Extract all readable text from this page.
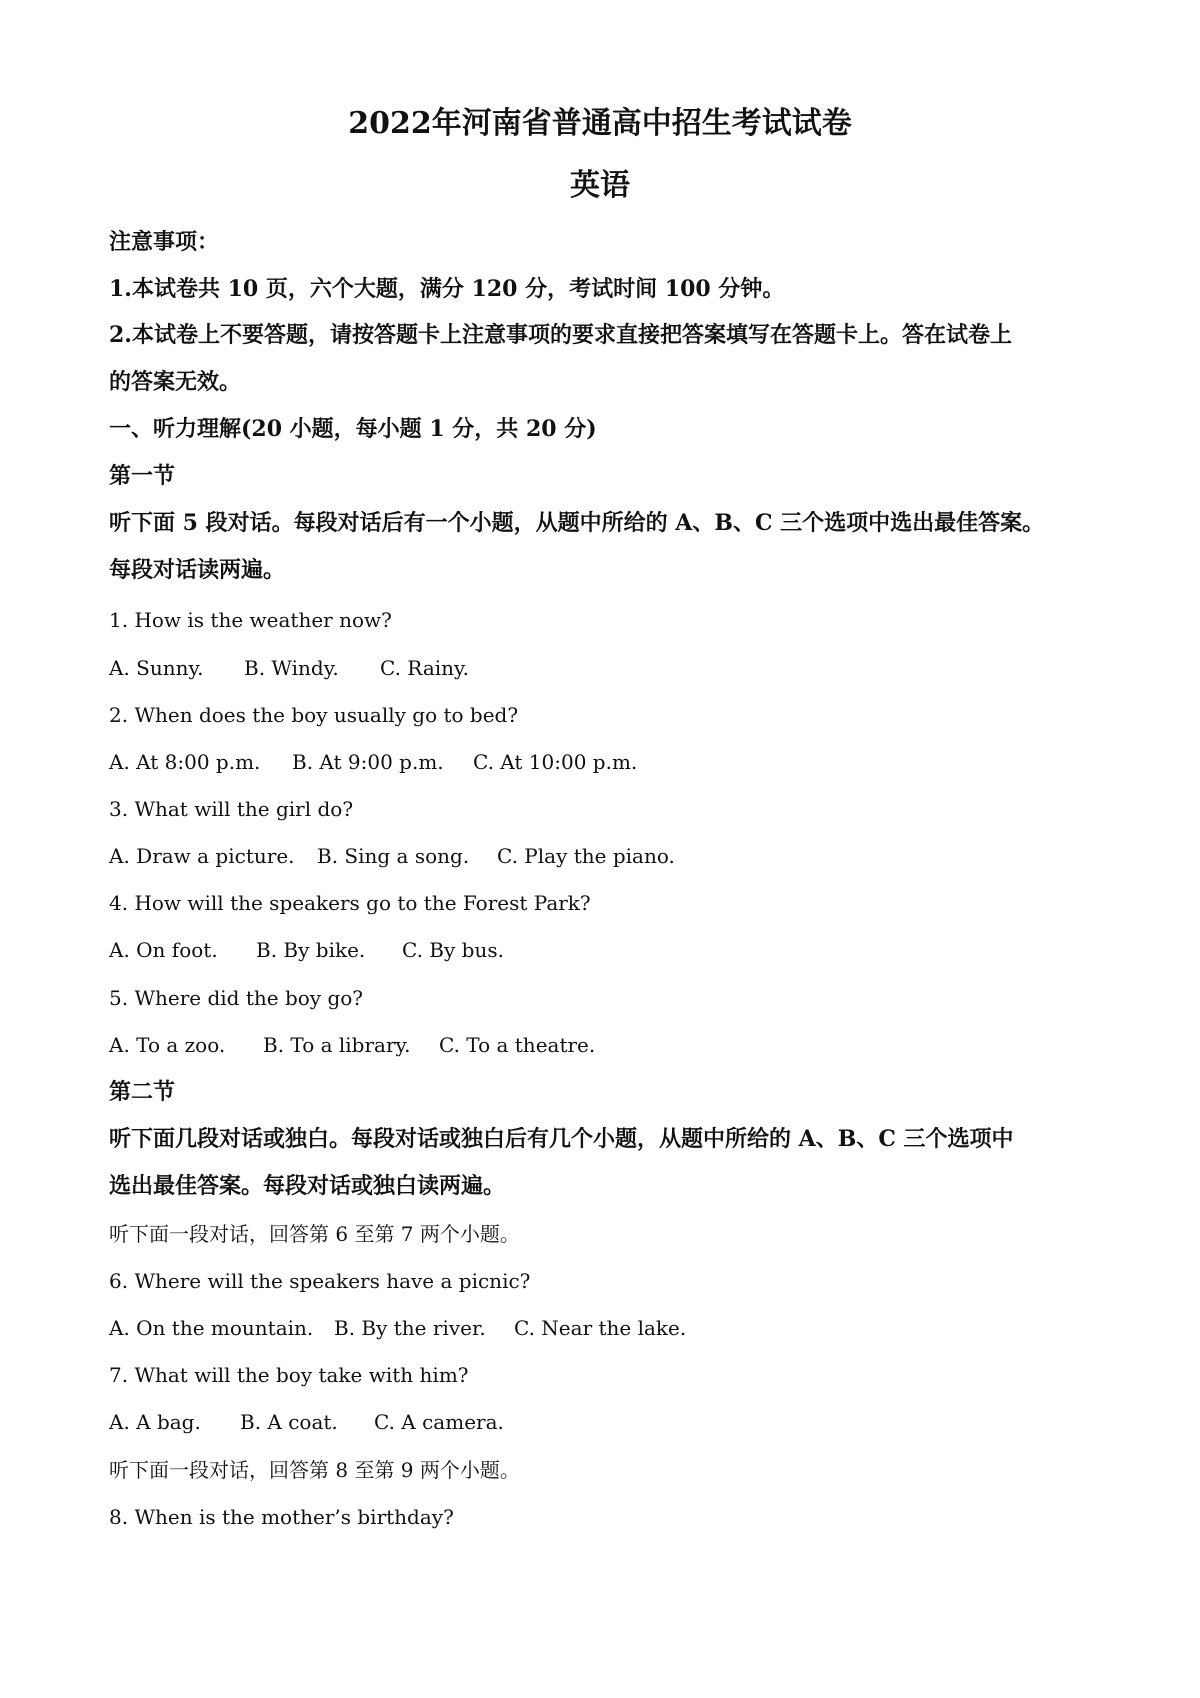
2022年河南省普通高中招生考试试卷
英语
注意事项：
1.本试卷共 10 页，六个大题，满分 120 分，考试时间 100 分钟。
2.本试卷上不要答题，请按答题卡上注意事项的要求直接把答案填写在答题卡上。答在试卷上
的答案无效。
一、听力理解(20 小题，每小题 1 分，共 20 分)
第一节
听下面 5 段对话。每段对话后有一个小题，从题中所给的 A、B、C 三个选项中选出最佳答案。
每段对话读两遍。
1. How is the weather now?
A. Sunny. B. Windy. C. Rainy.
2. When does the boy usually go to bed?
A. At 8:00 p.m. B. At 9:00 p.m. C. At 10:00 p.m.
3. What will the girl do?
A. Draw a picture. B. Sing a song. C. Play the piano.
4. How will the speakers go to the Forest Park?
A. On foot. B. By bike. C. By bus.
5. Where did the boy go?
A. To a zoo. B. To a library. C. To a theatre.
第二节
听下面几段对话或独白。每段对话或独白后有几个小题，从题中所给的 A、B、C 三个选项中
选出最佳答案。每段对话或独白读两遍。
听下面一段对话，回答第 6 至第 7 两个小题。
6. Where will the speakers have a picnic?
A. On the mountain. B. By the river. C. Near the lake.
7. What will the boy take with him?
A. A bag. B. A coat. C. A camera.
听下面一段对话，回答第 8 至第 9 两个小题。
8. When is the mother’s birthday?
